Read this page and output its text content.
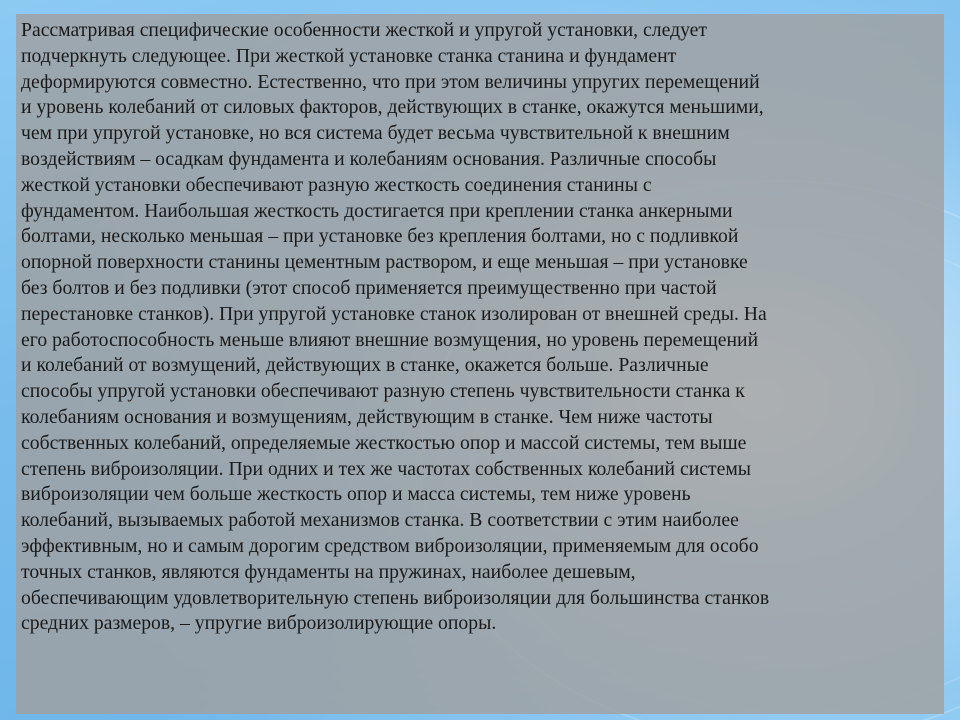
Рассматривая специфические особенности жесткой и упругой установки, следует
подчеркнуть следующее. При жесткой установке станка станина и фундамент
деформируются совместно. Естественно, что при этом величины упругих перемещений
и уровень колебаний от силовых факторов, действующих в станке, окажутся меньшими,
чем при упругой установке, но вся система будет весьма чувствительной к внешним
воздействиям – осадкам фундамента и колебаниям основания. Различные способы
жесткой установки обеспечивают разную жесткость соединения станины с
фундаментом. Наибольшая жесткость достигается при креплении станка анкерными
болтами, несколько меньшая – при установке без крепления болтами, но с подливкой
опорной поверхности станины цементным раствором, и еще меньшая – при установке
без болтов и без подливки (этот способ применяется преимущественно при частой
перестановке станков). При упругой установке станок изолирован от внешней среды. На
его работоспособность меньше влияют внешние возмущения, но уровень перемещений
и колебаний от возмущений, действующих в станке, окажется больше. Различные
способы упругой установки обеспечивают разную степень чувствительности станка к
колебаниям основания и возмущениям, действующим в станке. Чем ниже частоты
собственных колебаний, определяемые жесткостью опор и массой системы, тем выше
степень виброизоляции. При одних и тех же частотах собственных колебаний системы
виброизоляции чем больше жесткость опор и масса системы, тем ниже уровень
колебаний, вызываемых работой механизмов станка. В соответствии с этим наиболее
эффективным, но и самым дорогим средством виброизоляции, применяемым для особо
точных станков, являются фундаменты на пружинах, наиболее дешевым,
обеспечивающим удовлетворительную степень виброизоляции для большинства станков
средних размеров, – упругие виброизолирующие опоры.
